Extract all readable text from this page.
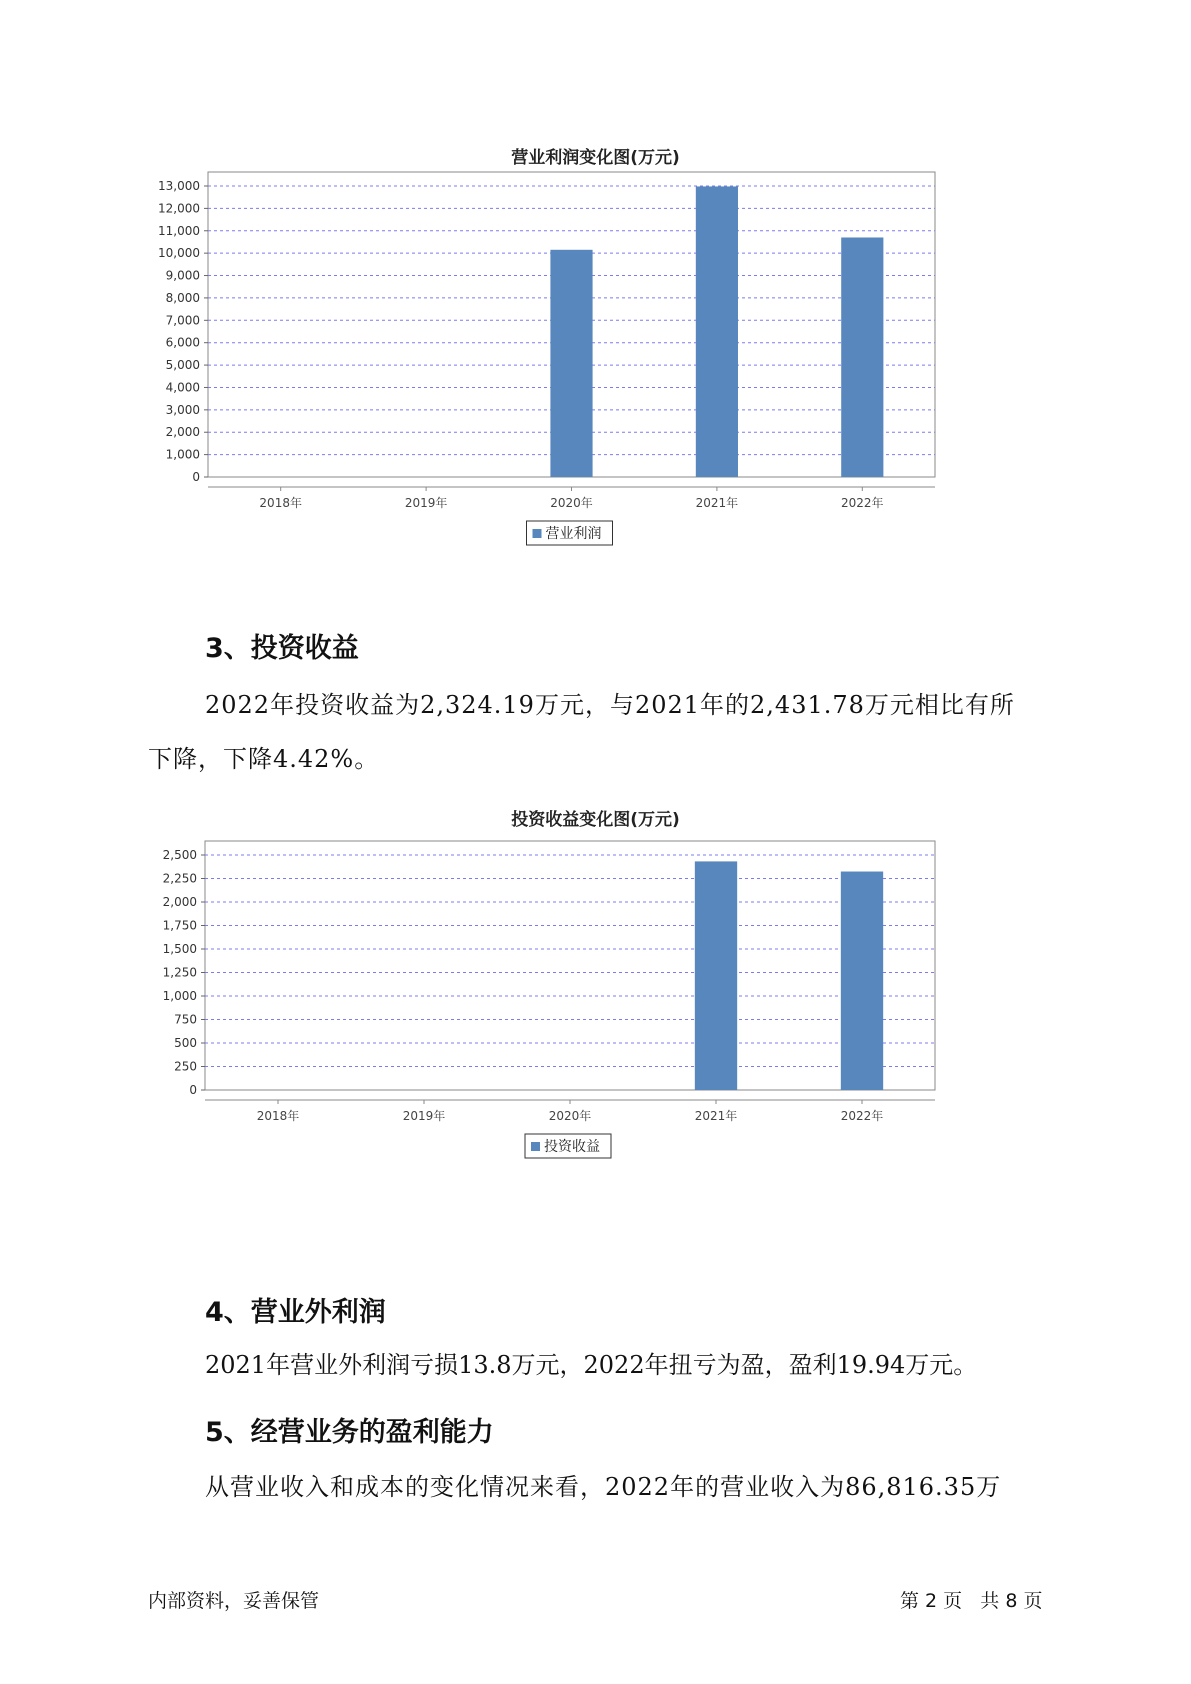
营业利润变化图(万元)
0
1,000
2,000
3,000
4,000
5,000
6,000
7,000
8,000
9,000
10,000
11,000
12,000
13,000
2018年	2019年	2020年	2021年	2022年
营业利润
3、投资收益
2022年投资收益为2,324.19万元，与2021年的2,431.78万元相比有所
下降，下降4.42%。
投资收益变化图(万元)
0
250
500
750
1,000
1,250
1,500
1,750
2,000
2,250
2,500
2018年	2019年	2020年	2021年	2022年
投资收益
4、营业外利润
2021年营业外利润亏损13.8万元，2022年扭亏为盈，盈利19.94万元。
5、经营业务的盈利能力
从营业收入和成本的变化情况来看，2022年的营业收入为86,816.35万
内部资料，妥善保管	第 2 页   共 8 页
